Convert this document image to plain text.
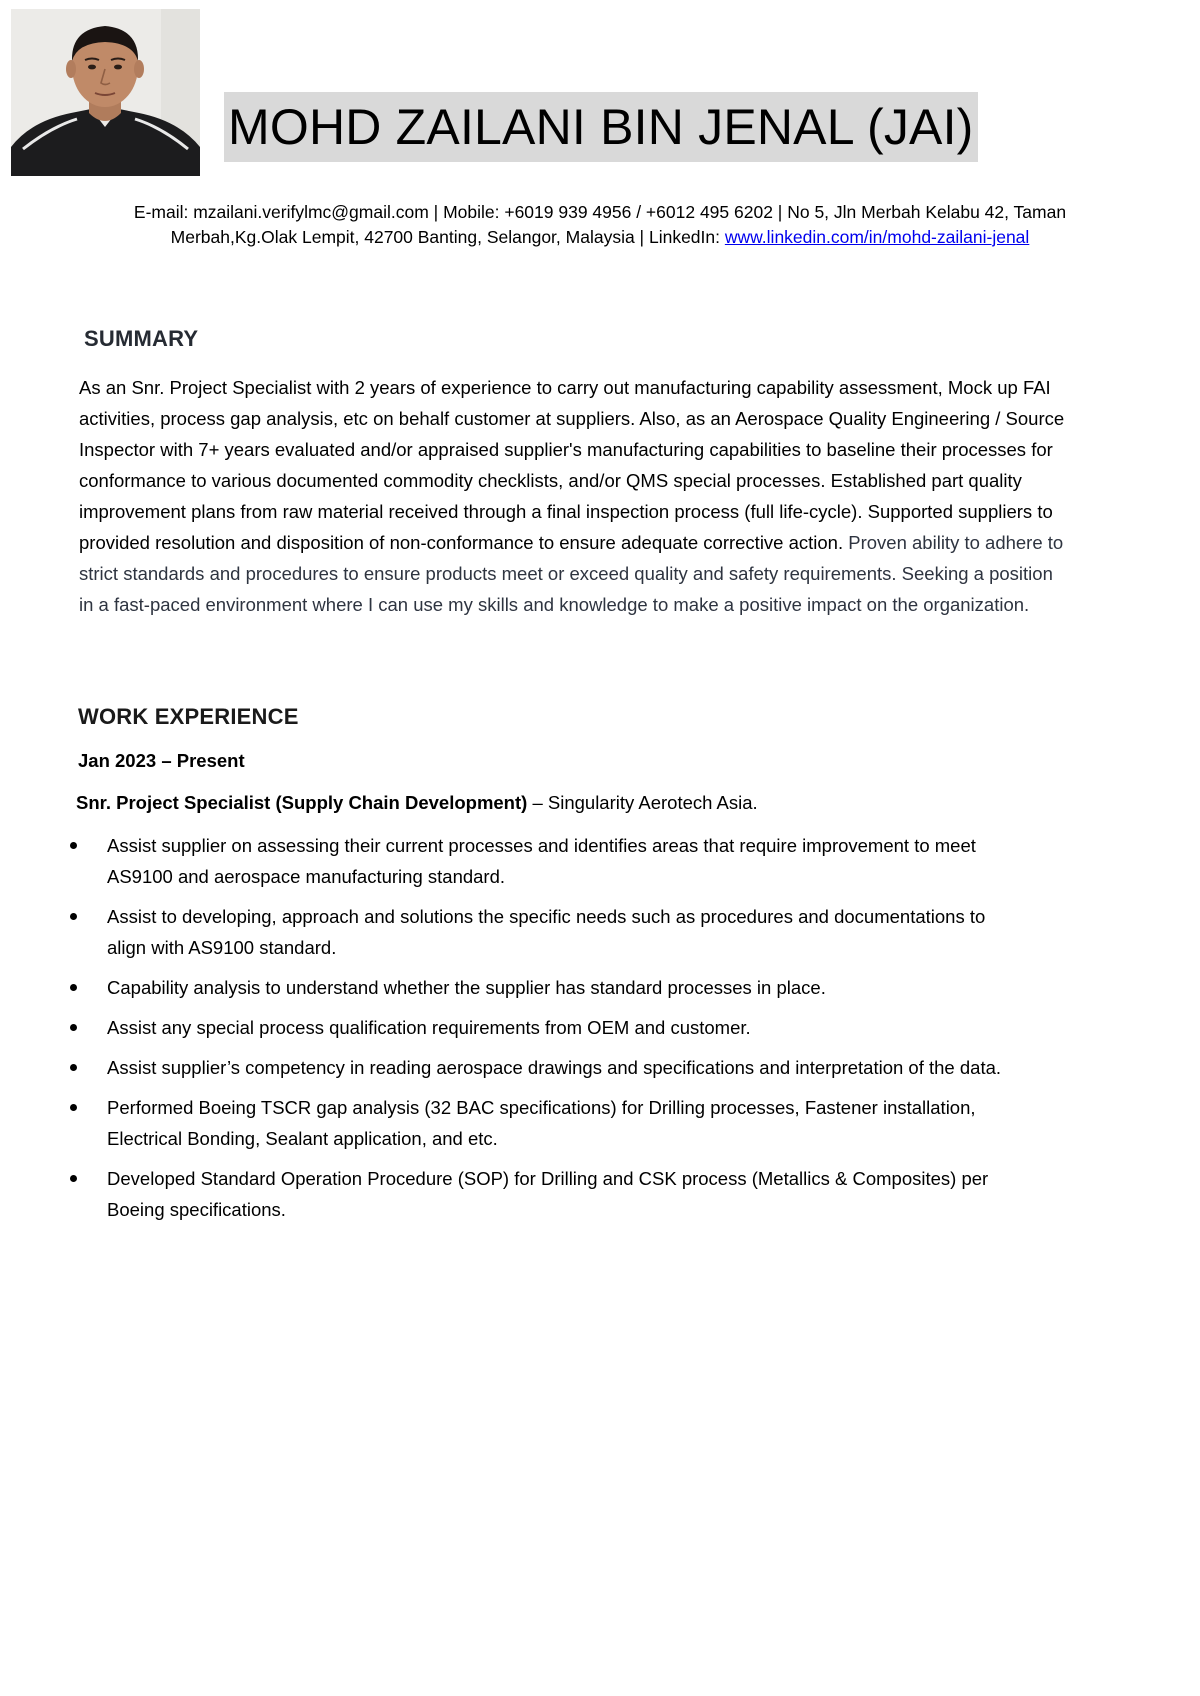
MOHD ZAILANI BIN JENAL (JAI)
E-mail: mzailani.verifylmc@gmail.com | Mobile: +6019 939 4956 / +6012 495 6202 | No 5, Jln Merbah Kelabu 42, Taman
Merbah,Kg.Olak Lempit, 42700 Banting, Selangor, Malaysia | LinkedIn: www.linkedin.com/in/mohd-zailani-jenal
SUMMARY
As an Snr. Project Specialist with 2 years of experience to carry out manufacturing capability assessment, Mock up FAI activities, process gap analysis, etc on behalf customer at suppliers. Also, as an Aerospace Quality Engineering / Source Inspector with 7+ years evaluated and/or appraised supplier's manufacturing capabilities to baseline their processes for conformance to various documented commodity checklists, and/or QMS special processes. Established part quality improvement plans from raw material received through a final inspection process (full life-cycle). Supported suppliers to provided resolution and disposition of non-conformance to ensure adequate corrective action. Proven ability to adhere to strict standards and procedures to ensure products meet or exceed quality and safety requirements. Seeking a position in a fast-paced environment where I can use my skills and knowledge to make a positive impact on the organization.
WORK EXPERIENCE
Jan 2023 – Present
Snr. Project Specialist (Supply Chain Development) – Singularity Aerotech Asia.
Assist supplier on assessing their current processes and identifies areas that require improvement to meet AS9100 and aerospace manufacturing standard.
Assist to developing, approach and solutions the specific needs such as procedures and documentations to align with AS9100 standard.
Capability analysis to understand whether the supplier has standard processes in place.
Assist any special process qualification requirements from OEM and customer.
Assist supplier’s competency in reading aerospace drawings and specifications and interpretation of the data.
Performed Boeing TSCR gap analysis (32 BAC specifications) for Drilling processes, Fastener installation, Electrical Bonding, Sealant application, and etc.
Developed Standard Operation Procedure (SOP) for Drilling and CSK process (Metallics & Composites) per Boeing specifications.
